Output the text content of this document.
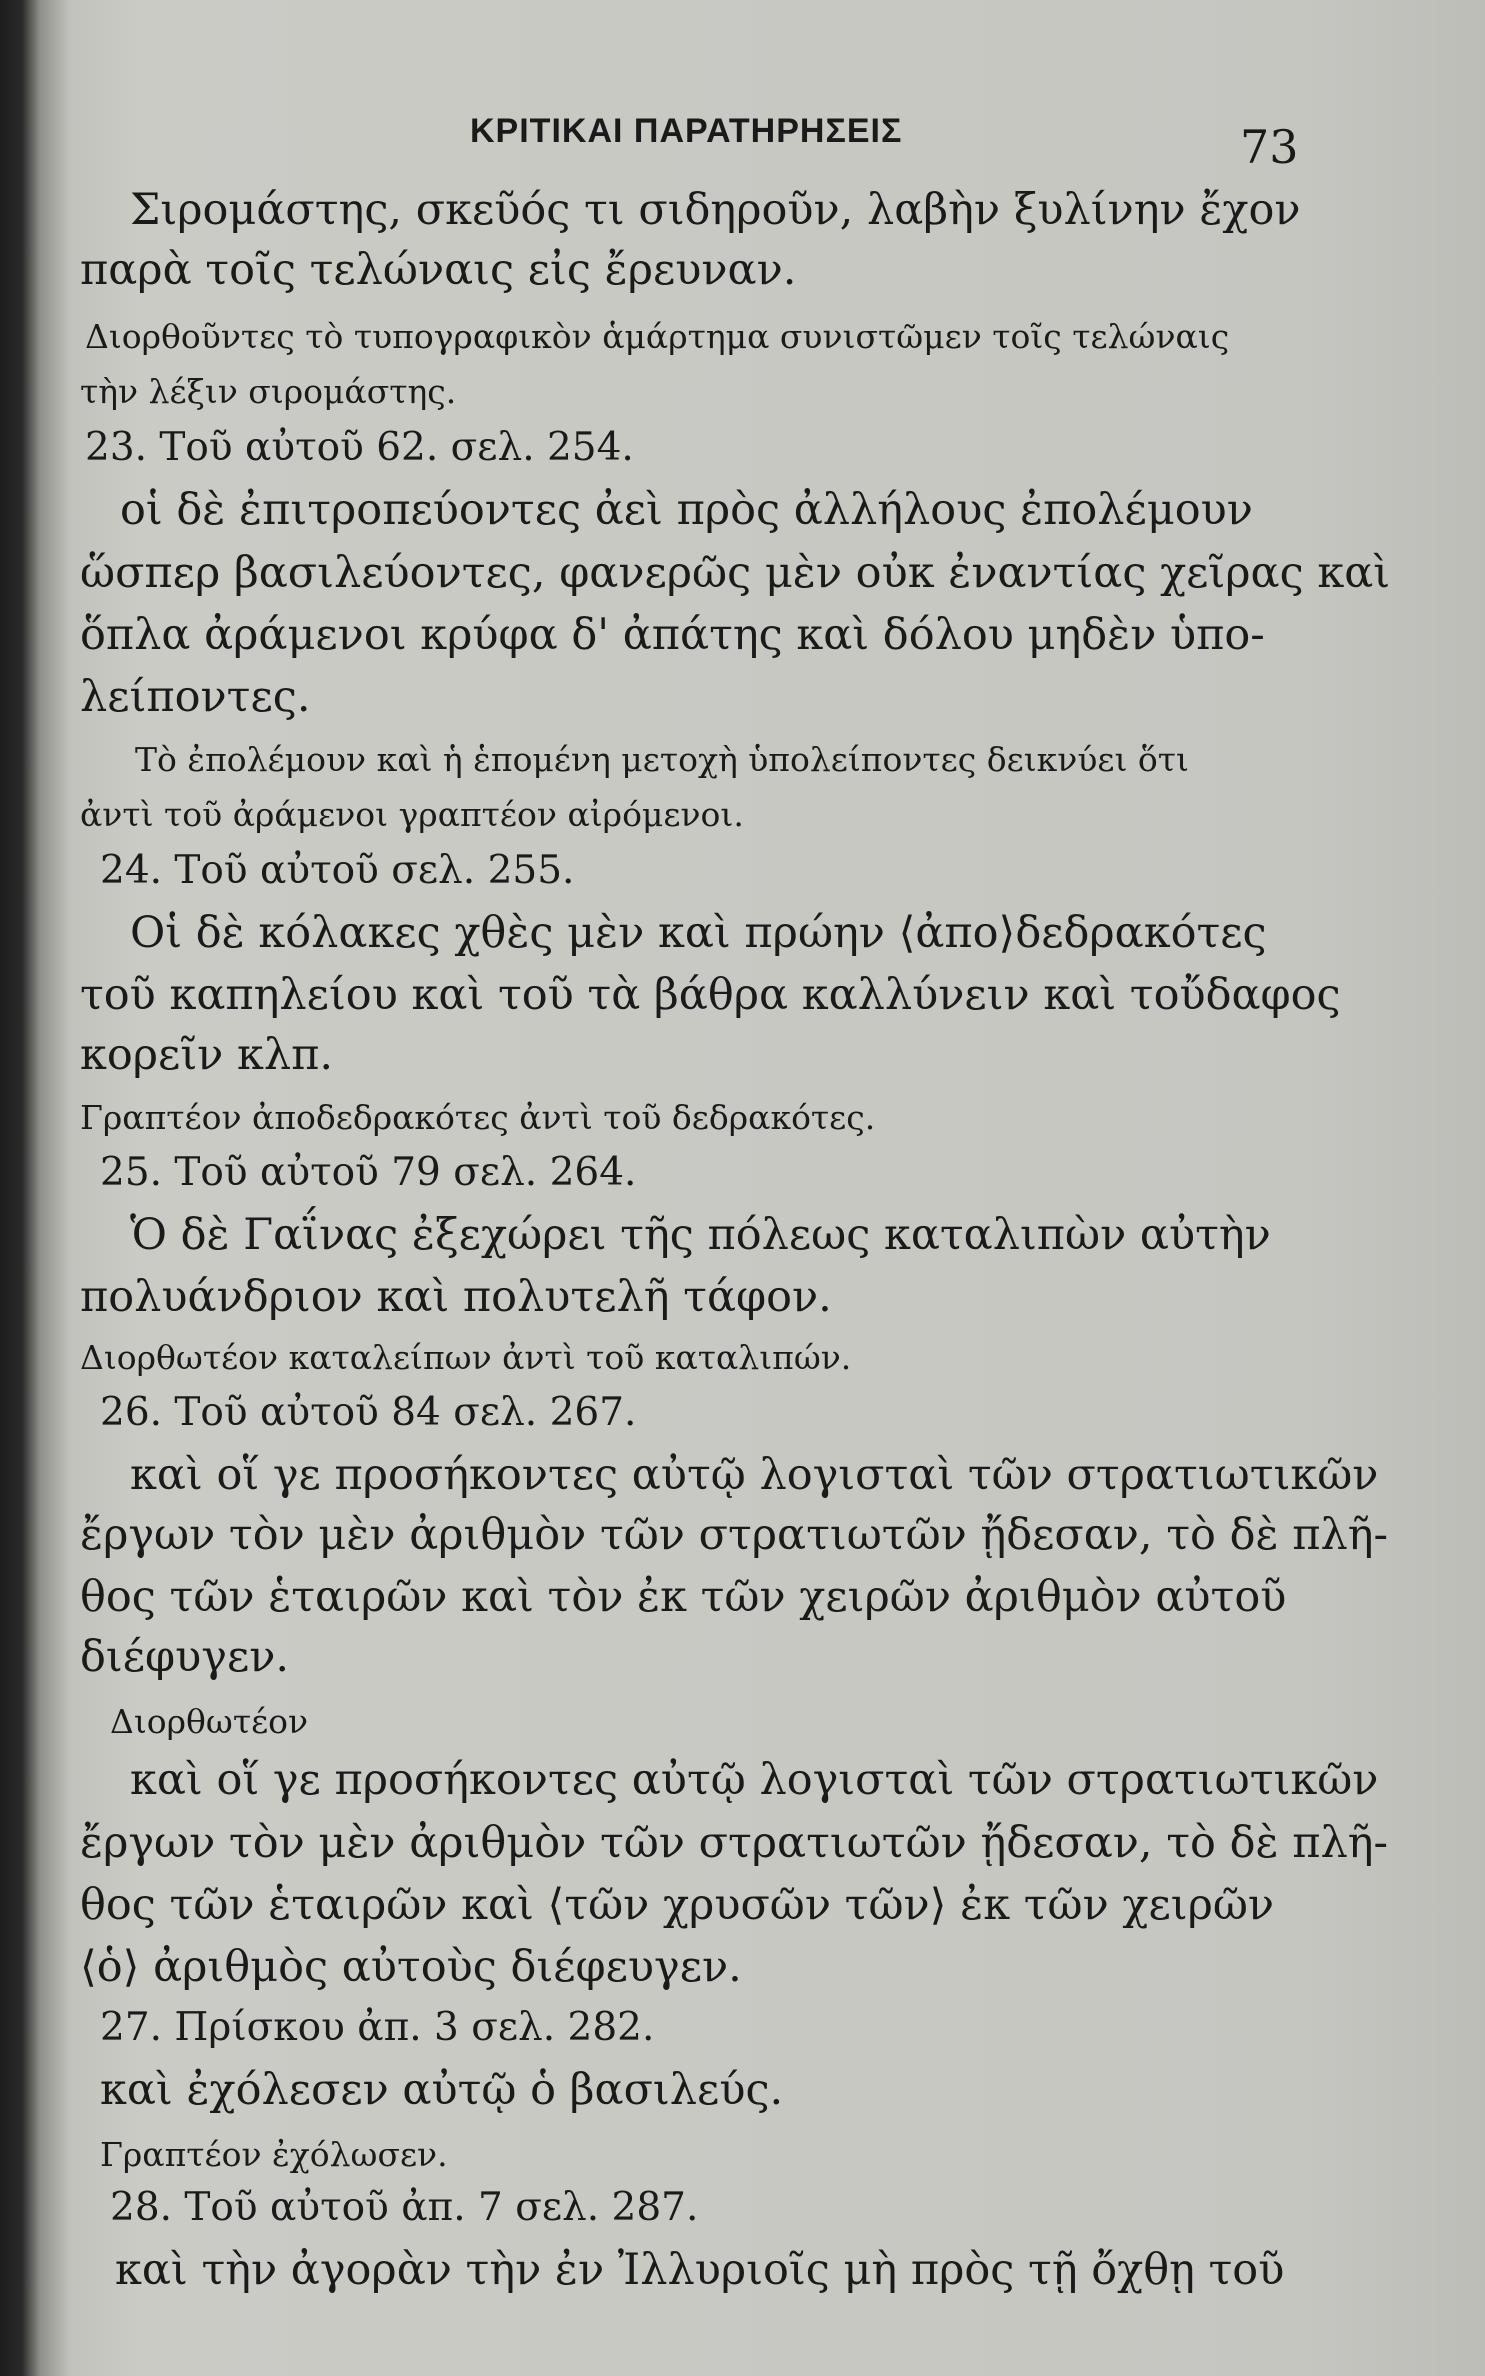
ΚΡΙΤΙΚΑΙ ΠΑΡΑΤΗΡΗΣΕΙΣ	73
Σιρομάστης, σκεῦός τι σιδηροῦν, λαβὴν ξυλίνην ἔχον
παρὰ τοῖς τελώναις εἰς ἔρευναν.
Διορθοῦντες τὸ τυπογραφικὸν ἁμάρτημα συνιστῶμεν τοῖς τελώναις
τὴν λέξιν σιρομάστης.
23. Τοῦ αὐτοῦ 62. σελ. 254.
οἱ δὲ ἐπιτροπεύοντες ἀεὶ πρὸς ἀλλήλους ἐπολέμουν
ὥσπερ βασιλεύοντες, φανερῶς μὲν οὐκ ἐναντίας χεῖρας καὶ
ὅπλα ἀράμενοι κρύφα δ' ἀπάτης καὶ δόλου μηδὲν ὑπο-
λείποντες.
Τὸ ἐπολέμουν καὶ ἡ ἑπομένη μετοχὴ ὑπολείποντες δεικνύει ὅτι
ἀντὶ τοῦ ἀράμενοι γραπτέον αἰρόμενοι.
24. Τοῦ αὐτοῦ σελ. 255.
Οἱ δὲ κόλακες χθὲς μὲν καὶ πρώην ⟨ἀπο⟩δεδρακότες
τοῦ καπηλείου καὶ τοῦ τὰ βάθρα καλλύνειν καὶ τοὔδαφος
κορεῖν κλπ.
Γραπτέον ἀποδεδρακότες ἀντὶ τοῦ δεδρακότες.
25. Τοῦ αὐτοῦ 79 σελ. 264.
Ὁ δὲ Γαΐνας ἐξεχώρει τῆς πόλεως καταλιπὼν αὐτὴν
πολυάνδριον καὶ πολυτελῆ τάφον.
Διορθωτέον καταλείπων ἀντὶ τοῦ καταλιπών.
26. Τοῦ αὐτοῦ 84 σελ. 267.
καὶ οἵ γε προσήκοντες αὐτῷ λογισταὶ τῶν στρατιωτικῶν
ἔργων τὸν μὲν ἀριθμὸν τῶν στρατιωτῶν ᾔδεσαν, τὸ δὲ πλῆ-
θος τῶν ἑταιρῶν καὶ τὸν ἐκ τῶν χειρῶν ἀριθμὸν αὐτοῦ
διέφυγεν.
Διορθωτέον
καὶ οἵ γε προσήκοντες αὐτῷ λογισταὶ τῶν στρατιωτικῶν
ἔργων τὸν μὲν ἀριθμὸν τῶν στρατιωτῶν ᾔδεσαν, τὸ δὲ πλῆ-
θος τῶν ἑταιρῶν καὶ ⟨τῶν χρυσῶν τῶν⟩ ἐκ τῶν χειρῶν
⟨ὁ⟩ ἀριθμὸς αὐτοὺς διέφευγεν.
27. Πρίσκου ἀπ. 3 σελ. 282.
καὶ ἐχόλεσεν αὐτῷ ὁ βασιλεύς.
Γραπτέον ἐχόλωσεν.
28. Τοῦ αὐτοῦ ἀπ. 7 σελ. 287.
καὶ τὴν ἀγορὰν τὴν ἐν Ἰλλυριοῖς μὴ πρὸς τῇ ὄχθῃ τοῦ
